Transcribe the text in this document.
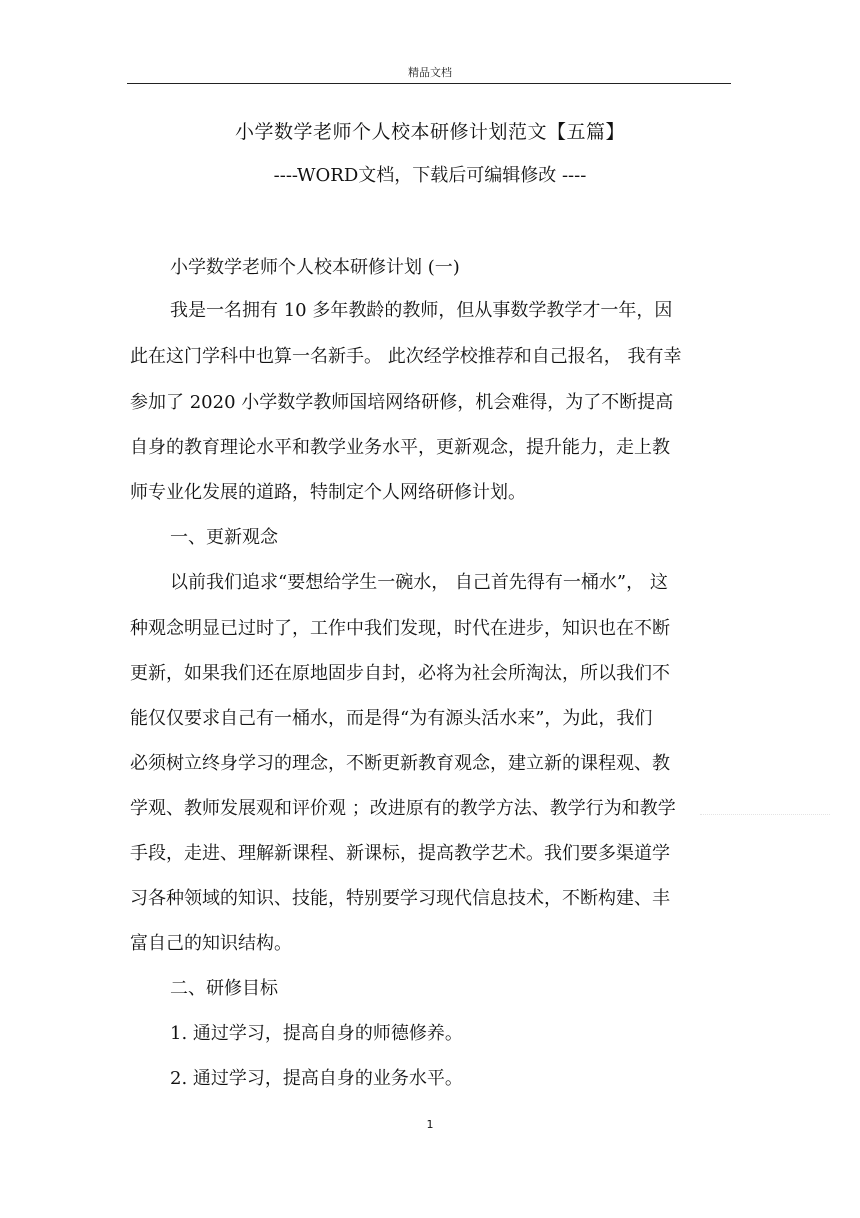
精品文档
小学数学老师个人校本研修计划范文【五篇】
----WORD文档，下载后可编辑修改 ----
小学数学老师个人校本研修计划 (一)
我是一名拥有 10 多年教龄的教师，但从事数学教学才一年，因
此在这门学科中也算一名新手。 此次经学校推荐和自己报名， 我有幸
参加了 2020 小学数学教师国培网络研修，机会难得，为了不断提高
自身的教育理论水平和教学业务水平，更新观念，提升能力，走上教
师专业化发展的道路，特制定个人网络研修计划。
一、更新观念
以前我们追求“要想给学生一碗水， 自己首先得有一桶水”， 这
种观念明显已过时了，工作中我们发现，时代在进步，知识也在不断
更新，如果我们还在原地固步自封，必将为社会所淘汰，所以我们不
能仅仅要求自己有一桶水，而是得“为有源头活水来”，为此，我们
必须树立终身学习的理念，不断更新教育观念，建立新的课程观、教
学观、教师发展观和评价观 ；改进原有的教学方法、教学行为和教学
手段，走进、理解新课程、新课标，提高教学艺术。我们要多渠道学
习各种领域的知识、技能，特别要学习现代信息技术，不断构建、丰
富自己的知识结构。
二、研修目标
1. 通过学习，提高自身的师德修养。
2. 通过学习，提高自身的业务水平。
1
